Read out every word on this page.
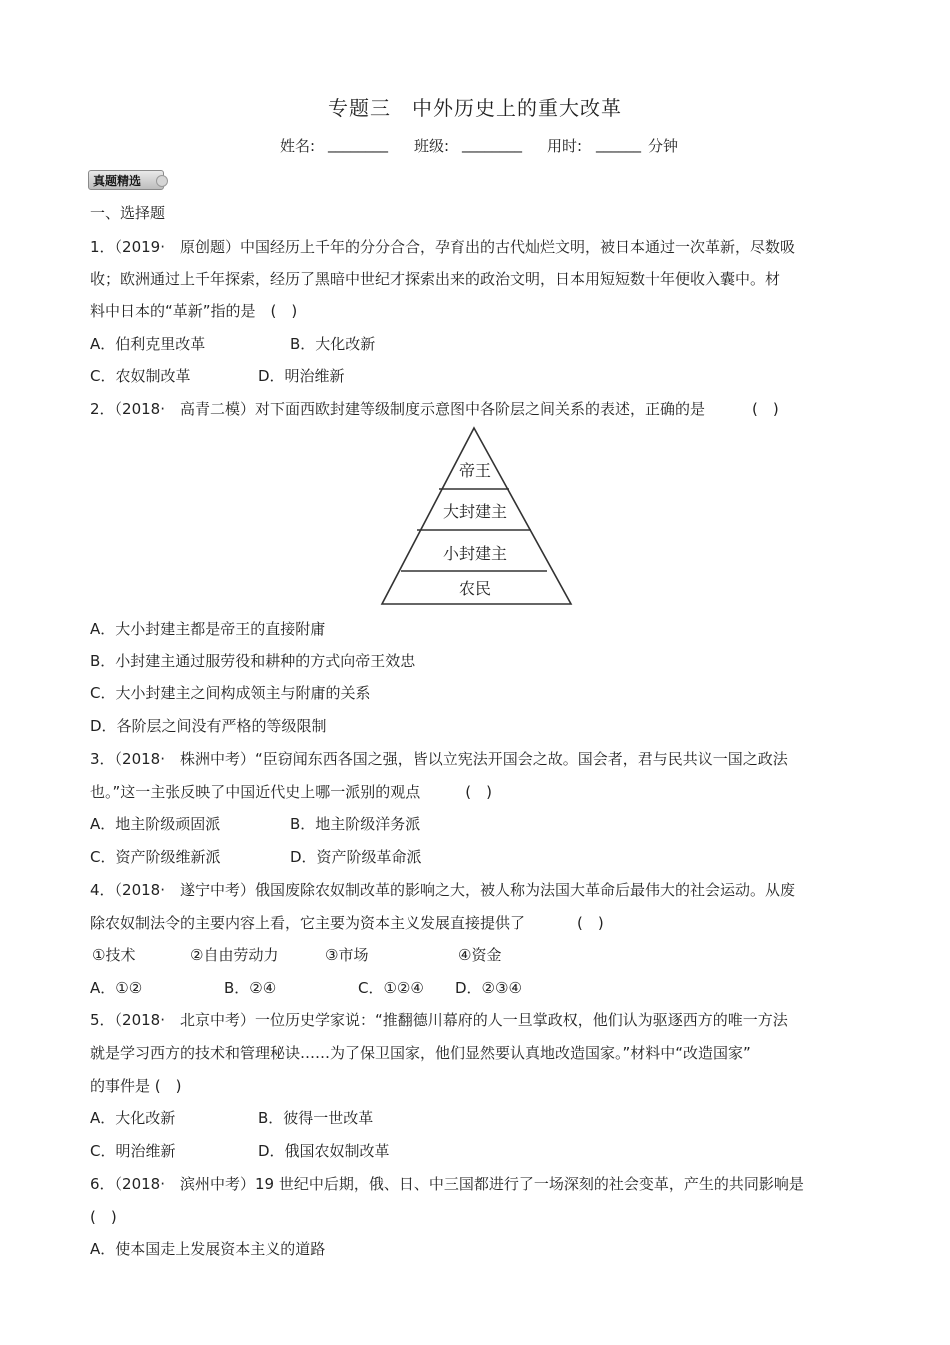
专题三　中外历史上的重大改革
姓名: ________ 班级: ________ 用时: ______ 分钟
真题精选
一、选择题
1．（2019·　原创题）中国经历上千年的分分合合，孕育出的古代灿烂文明，被日本通过一次革新，尽数吸
收；欧洲通过上千年探索，经历了黑暗中世纪才探索出来的政治文明，日本用短短数十年便收入囊中。材
料中日本的“革新”指的是　(　)
A．伯利克里改革	B．大化改新
C．农奴制改革	D．明治维新
2．（2018·　高青二模）对下面西欧封建等级制度示意图中各阶层之间关系的表述，正确的是	(　)
帝王
大封建主
小封建主
农民
A．大小封建主都是帝王的直接附庸
B．小封建主通过服劳役和耕种的方式向帝王效忠
C．大小封建主之间构成领主与附庸的关系
D．各阶层之间没有严格的等级限制
3．（2018·　株洲中考）“臣窃闻东西各国之强，皆以立宪法开国会之故。国会者，君与民共议一国之政法
也。”这一主张反映了中国近代史上哪一派别的观点　　　(　)
A．地主阶级顽固派	B．地主阶级洋务派
C．资产阶级维新派	D．资产阶级革命派
4．（2018·　遂宁中考）俄国废除农奴制改革的影响之大，被人称为法国大革命后最伟大的社会运动。从废
除农奴制法令的主要内容上看，它主要为资本主义发展直接提供了	(　)
①技术	②自由劳动力	③市场	④资金
A．①②	B．②④	C．①②④ D．②③④
5．（2018·　北京中考）一位历史学家说：“推翻德川幕府的人一旦掌政权，他们认为驱逐西方的唯一方法
就是学习西方的技术和管理秘诀……为了保卫国家，他们显然要认真地改造国家。”材料中“改造国家”
的事件是 (　)
A．大化改新	B．彼得一世改革
C．明治维新	D．俄国农奴制改革
6．（2018·　滨州中考）19 世纪中后期，俄、日、中三国都进行了一场深刻的社会变革，产生的共同影响是
(　)
A．使本国走上发展资本主义的道路
